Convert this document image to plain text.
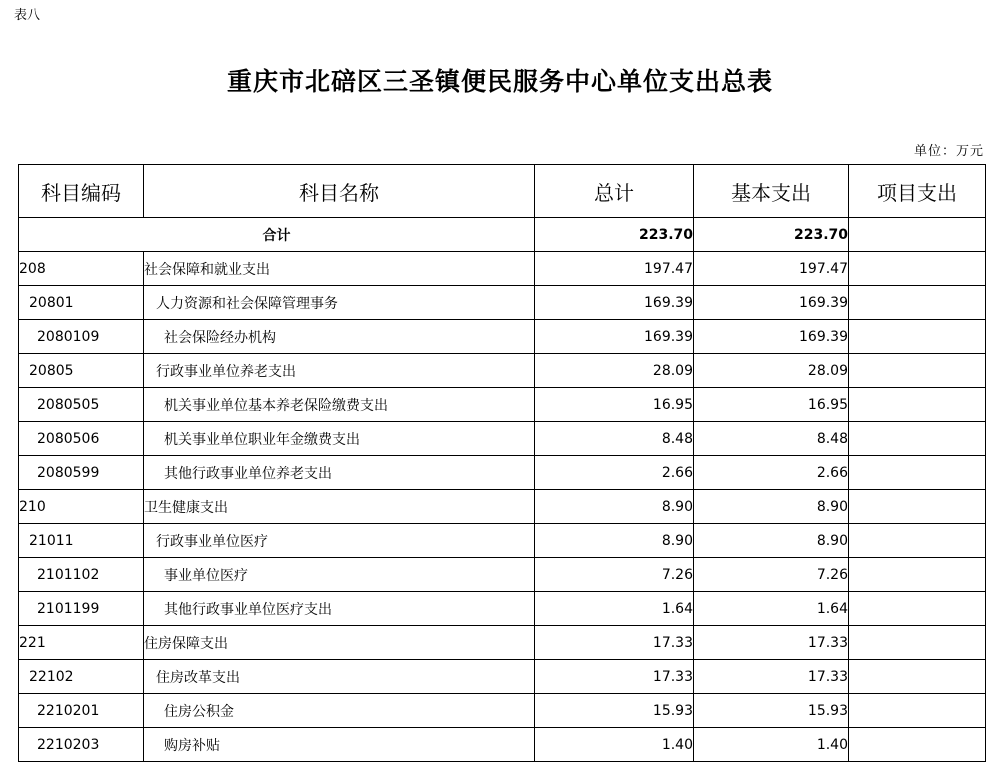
表八
重庆市北碚区三圣镇便民服务中心单位支出总表
单位：万元
科目编码	科目名称	总计	基本支出	项目支出
合计		223.70	223.70	
208	社会保障和就业支出	197.47	197.47	
20801	人力资源和社会保障管理事务	169.39	169.39	
2080109	社会保险经办机构	169.39	169.39	
20805	行政事业单位养老支出	28.09	28.09	
2080505	机关事业单位基本养老保险缴费支出	16.95	16.95	
2080506	机关事业单位职业年金缴费支出	8.48	8.48	
2080599	其他行政事业单位养老支出	2.66	2.66	
210	卫生健康支出	8.90	8.90	
21011	行政事业单位医疗	8.90	8.90	
2101102	事业单位医疗	7.26	7.26	
2101199	其他行政事业单位医疗支出	1.64	1.64	
221	住房保障支出	17.33	17.33	
22102	住房改革支出	17.33	17.33	
2210201	住房公积金	15.93	15.93	
2210203	购房补贴	1.40	1.40	
